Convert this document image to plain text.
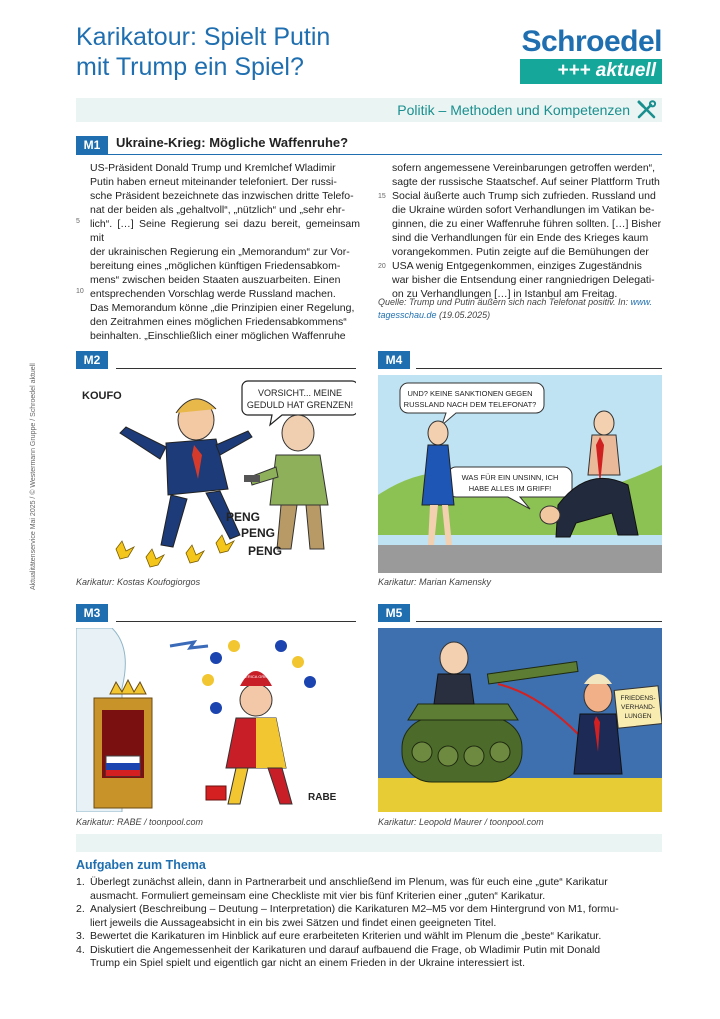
Karikatour: Spielt Putin
mit Trump ein Spiel?
Schroedel
+++ aktuell
Politik – Methoden und Kompetenzen
Aktualitätenservice Mai 2025 / © Westermann Gruppe / Schroedel aktuell
M1	Ukraine-Krieg: Mögliche Waffenruhe?
US-Präsident Donald Trump und Kremlchef Wladimir
Putin haben erneut miteinander telefoniert. Der russi-
sche Präsident bezeichnete das inzwischen dritte Telefo-
nat der beiden als „gehaltvoll“, „nützlich“ und „sehr ehr-
lich“. […] Seine Regierung sei dazu bereit, gemeinsam mit
der ukrainischen Regierung ein „Memorandum“ zur Vor-
bereitung eines „möglichen künftigen Friedensabkom-
mens“ zwischen beiden Staaten auszuarbeiten. Einen
entsprechenden Vorschlag werde Russland machen.
Das Memorandum könne „die Prinzipien einer Regelung,
den Zeitrahmen eines möglichen Friedensabkommens“
beinhalten. „Einschließlich einer möglichen Waffenruhe
5
10
sofern angemessene Vereinbarungen getroffen werden“,
sagte der russische Staatschef. Auf seiner Plattform Truth
Social äußerte auch Trump sich zufrieden. Russland und
die Ukraine würden sofort Verhandlungen im Vatikan be-
ginnen, die zu einer Waffenruhe führen sollten. […] Bisher
sind die Verhandlungen für ein Ende des Krieges kaum
vorangekommen. Putin zeigte auf die Bemühungen der
USA wenig Entgegenkommen, einziges Zugeständnis
war bisher die Entsendung einer rangniedrigen Delegati-
on zu Verhandlungen […] in Istanbul am Freitag.
15
20
Quelle: Trump und Putin äußern sich nach Telefonat positiv. In: www.
tagesschau.de (19.05.2025)
M2
KOUFO	VORSICHT... MEINE
GEDULD HAT GRENZEN!
PENG
PENG
PENG
Karikatur: Kostas Koufogiorgos
M4
UND? KEINE SANKTIONEN GEGEN
RUSSLAND NACH DEM TELEFONAT?
WAS FÜR EIN UNSINN, ICH
HABE ALLES IM GRIFF!
Karikatur: Marian Kamensky
M3
MAKE AMERICA GREAT AGAIN
RABE
Karikatur: RABE / toonpool.com
M5
FRIEDENS-
VERHAND-
LUNGEN
Karikatur: Leopold Maurer / toonpool.com
Aufgaben zum Thema
1. Überlegt zunächst allein, dann in Partnerarbeit und anschließend im Plenum, was für euch eine „gute“ Karikatur
ausmacht. Formuliert gemeinsam eine Checkliste mit vier bis fünf Kriterien einer „guten“ Karikatur.
2. Analysiert (Beschreibung – Deutung – Interpretation) die Karikaturen M2–M5 vor dem Hintergrund von M1, formu-
liert jeweils die Aussageabsicht in ein bis zwei Sätzen und findet einen geeigneten Titel.
3. Bewertet die Karikaturen im Hinblick auf eure erarbeiteten Kriterien und wählt im Plenum die „beste“ Karikatur.
4. Diskutiert die Angemessenheit der Karikaturen und darauf aufbauend die Frage, ob Wladimir Putin mit Donald
Trump ein Spiel spielt und eigentlich gar nicht an einem Frieden in der Ukraine interessiert ist.
